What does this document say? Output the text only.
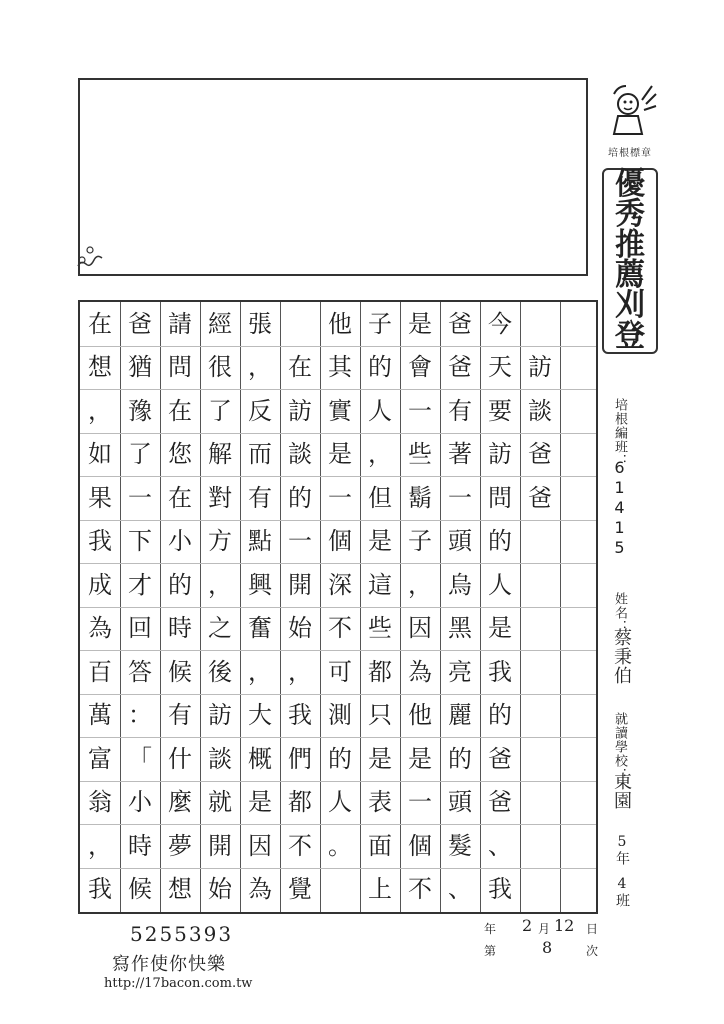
培根標章
優
秀
推
薦
刈
登
培根編班：
61415
姓名：
蔡秉伯
就讀學校：
東園
5年
4班
訪
談
爸
爸
今
天
要
訪
問
的
人
是
我
的
爸
爸
、
我
爸
爸
有
著
一
頭
烏
黑
亮
麗
的
頭
髮
、
是
會
一
些
鬍
子
，
因
為
他
是
一
個
不
子
的
人
，
但
是
這
些
都
只
是
表
面
上
他
其
實
是
一
個
深
不
可
測
的
人
。
在
訪
談
的
一
開
始
，
我
們
都
不
覺
張
，
反
而
有
點
興
奮
，
大
概
是
因
為
經
很
了
解
對
方
，
之
後
訪
談
就
開
始
請
問
在
您
在
小
的
時
候
有
什
麼
夢
想
爸
猶
豫
了
一
下
才
回
答
：
「
小
時
候
在
想
，
如
果
我
成
為
百
萬
富
翁
，
我
年 2 月 12 日
第	8	次
5255393
寫作使你快樂
http://17bacon.com.tw
